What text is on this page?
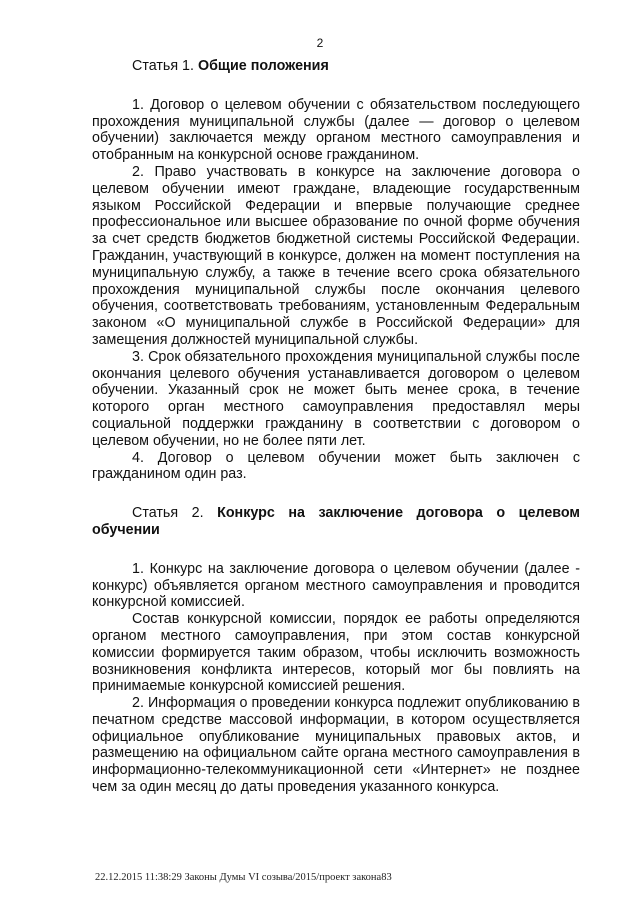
2

Статья 1. Общие положения

1. Договор о целевом обучении с обязательством последующего прохождения муниципальной службы (далее — договор о целевом обучении) заключается между органом местного самоуправления и отобранным на конкурсной основе гражданином.

2. Право участвовать в конкурсе на заключение договора о целевом обучении имеют граждане, владеющие государственным языком Российской Федерации и впервые получающие среднее профессиональное или высшее образование по очной форме обучения за счет средств бюджетов бюджетной системы Российской Федерации. Гражданин, участвующий в конкурсе, должен на момент поступления на муниципальную службу, а также в течение всего срока обязательного прохождения муниципальной службы после окончания целевого обучения, соответствовать требованиям, установленным Федеральным законом «О муниципальной службе в Российской Федерации» для замещения должностей муниципальной службы.

3. Срок обязательного прохождения муниципальной службы после окончания целевого обучения устанавливается договором о целевом обучении. Указанный срок не может быть менее срока, в течение которого орган местного самоуправления предоставлял меры социальной поддержки гражданину в соответствии с договором о целевом обучении, но не более пяти лет.

4. Договор о целевом обучении может быть заключен с гражданином один раз.

Статья 2. Конкурс на заключение договора о целевом обучении

1. Конкурс на заключение договора о целевом обучении (далее - конкурс) объявляется органом местного самоуправления и проводится конкурсной комиссией.

Состав конкурсной комиссии, порядок ее работы определяются органом местного самоуправления, при этом состав конкурсной комиссии формируется таким образом, чтобы исключить возможность возникновения конфликта интересов, который мог бы повлиять на принимаемые конкурсной комиссией решения.

2. Информация о проведении конкурса подлежит опубликованию в печатном средстве массовой информации, в котором осуществляется официальное опубликование муниципальных правовых актов, и размещению на официальном сайте органа местного самоуправления в информационно-телекоммуникационной сети «Интернет» не позднее чем за один месяц до даты проведения указанного конкурса.

22.12.2015 11:38:29 Законы Думы VI созыва/2015/проект закона83
